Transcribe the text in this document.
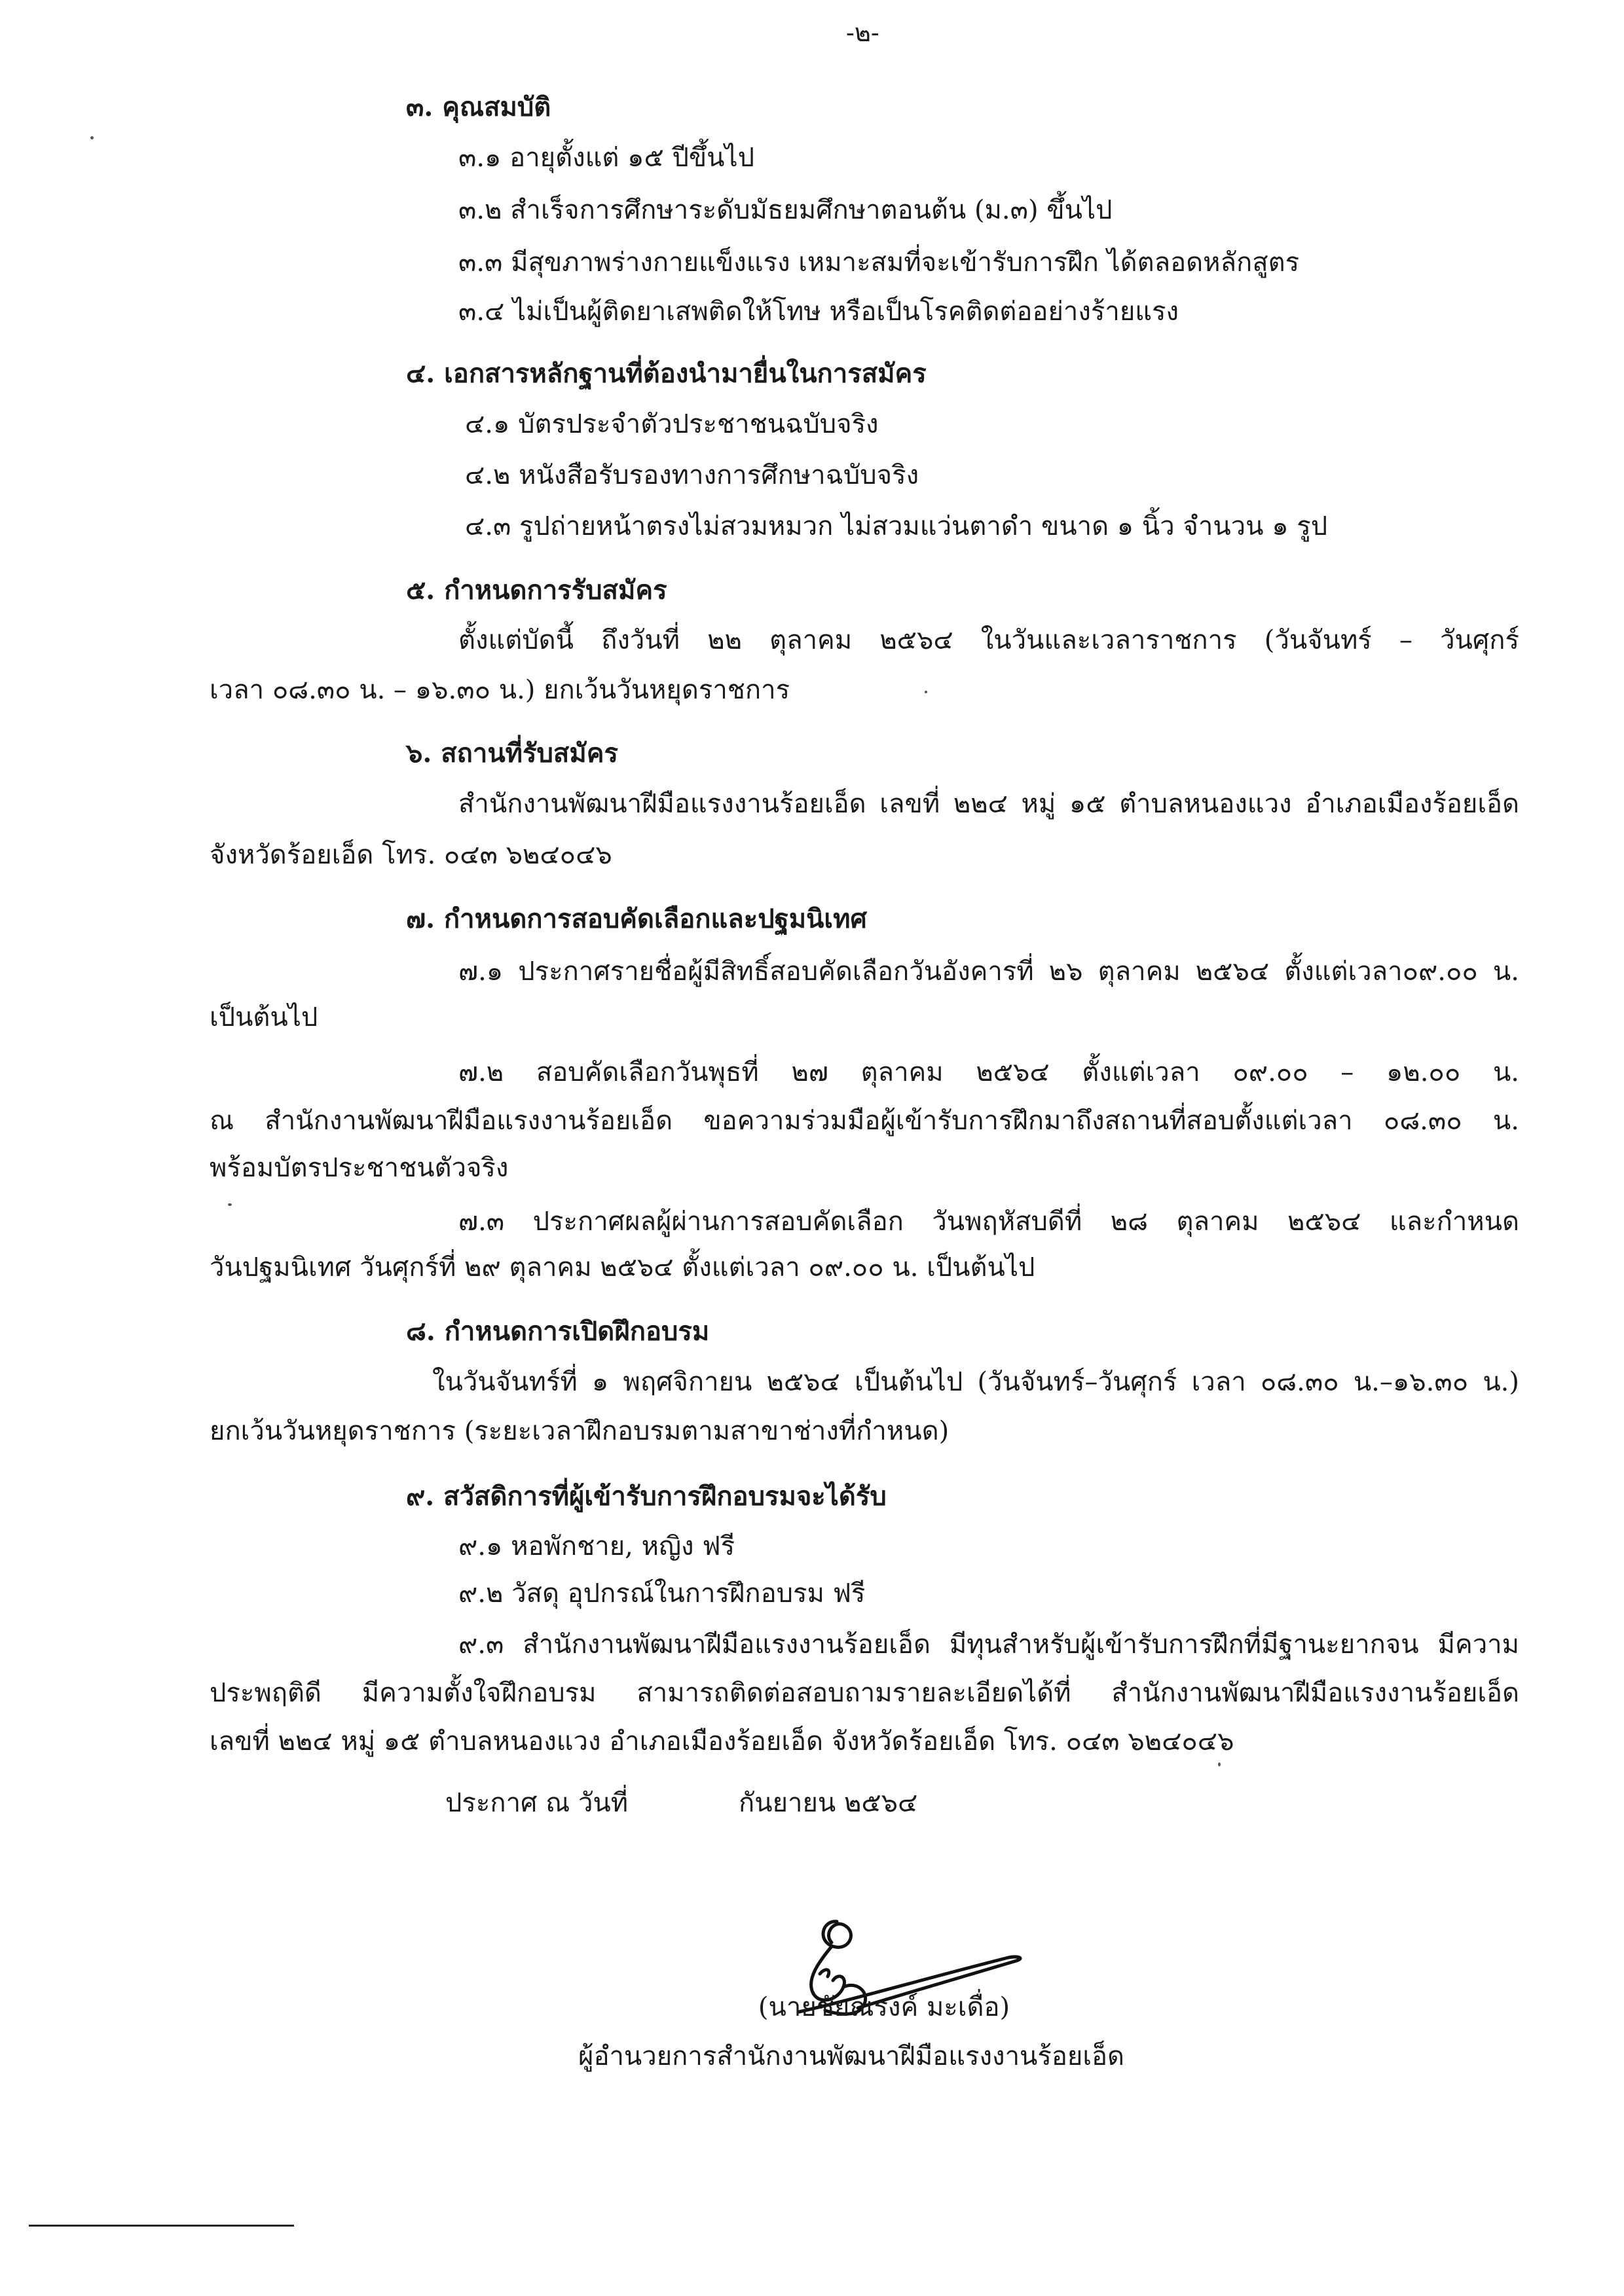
-๒-
๓. คุณสมบัติ
๓.๑ อายุตั้งแต่ ๑๕ ปีขึ้นไป
๓.๒ สำเร็จการศึกษาระดับมัธยมศึกษาตอนต้น (ม.๓) ขึ้นไป
๓.๓ มีสุขภาพร่างกายแข็งแรง เหมาะสมที่จะเข้ารับการฝึก ได้ตลอดหลักสูตร
๓.๔ ไม่เป็นผู้ติดยาเสพติดให้โทษ หรือเป็นโรคติดต่ออย่างร้ายแรง
๔. เอกสารหลักฐานที่ต้องนำมายื่นในการสมัคร
๔.๑ บัตรประจำตัวประชาชนฉบับจริง
๔.๒ หนังสือรับรองทางการศึกษาฉบับจริง
๔.๓ รูปถ่ายหน้าตรงไม่สวมหมวก ไม่สวมแว่นตาดำ ขนาด ๑ นิ้ว จำนวน ๑ รูป
๕. กำหนดการรับสมัคร
ตั้งแต่บัดนี้ ถึงวันที่ ๒๒ ตุลาคม ๒๕๖๔ ในวันและเวลาราชการ (วันจันทร์ – วันศุกร์
เวลา ๐๘.๓๐ น. – ๑๖.๓๐ น.) ยกเว้นวันหยุดราชการ
๖. สถานที่รับสมัคร
สำนักงานพัฒนาฝีมือแรงงานร้อยเอ็ด เลขที่ ๒๒๔ หมู่ ๑๕ ตำบลหนองแวง อำเภอเมืองร้อยเอ็ด
จังหวัดร้อยเอ็ด โทร. ๐๔๓ ๖๒๔๐๔๖
๗. กำหนดการสอบคัดเลือกและปฐมนิเทศ
๗.๑ ประกาศรายชื่อผู้มีสิทธิ์สอบคัดเลือกวันอังคารที่ ๒๖ ตุลาคม ๒๕๖๔ ตั้งแต่เวลา๐๙.๐๐ น.
เป็นต้นไป
๗.๒ สอบคัดเลือกวันพุธที่ ๒๗ ตุลาคม ๒๕๖๔ ตั้งแต่เวลา ๐๙.๐๐ – ๑๒.๐๐ น.
ณ สำนักงานพัฒนาฝีมือแรงงานร้อยเอ็ด ขอความร่วมมือผู้เข้ารับการฝึกมาถึงสถานที่สอบตั้งแต่เวลา ๐๘.๓๐ น.
พร้อมบัตรประชาชนตัวจริง
๗.๓ ประกาศผลผู้ผ่านการสอบคัดเลือก วันพฤหัสบดีที่ ๒๘ ตุลาคม ๒๕๖๔ และกำหนด
วันปฐมนิเทศ วันศุกร์ที่ ๒๙ ตุลาคม ๒๕๖๔ ตั้งแต่เวลา ๐๙.๐๐ น. เป็นต้นไป
๘. กำหนดการเปิดฝึกอบรม
ในวันจันทร์ที่ ๑ พฤศจิกายน ๒๕๖๔ เป็นต้นไป (วันจันทร์–วันศุกร์ เวลา ๐๘.๓๐ น.–๑๖.๓๐ น.)
ยกเว้นวันหยุดราชการ (ระยะเวลาฝึกอบรมตามสาขาช่างที่กำหนด)
๙. สวัสดิการที่ผู้เข้ารับการฝึกอบรมจะได้รับ
๙.๑ หอพักชาย, หญิง ฟรี
๙.๒ วัสดุ อุปกรณ์ในการฝึกอบรม ฟรี
๙.๓ สำนักงานพัฒนาฝีมือแรงงานร้อยเอ็ด มีทุนสำหรับผู้เข้ารับการฝึกที่มีฐานะยากจน มีความ
ประพฤติดี มีความตั้งใจฝึกอบรม สามารถติดต่อสอบถามรายละเอียดได้ที่ สำนักงานพัฒนาฝีมือแรงงานร้อยเอ็ด
เลขที่ ๒๒๔ หมู่ ๑๕ ตำบลหนองแวง อำเภอเมืองร้อยเอ็ด จังหวัดร้อยเอ็ด โทร. ๐๔๓ ๖๒๔๐๔๖
ประกาศ ณ วันที่	กันยายน ๒๕๖๔
(นายชัยณรงค์ มะเดื่อ)
ผู้อำนวยการสำนักงานพัฒนาฝีมือแรงงานร้อยเอ็ด
